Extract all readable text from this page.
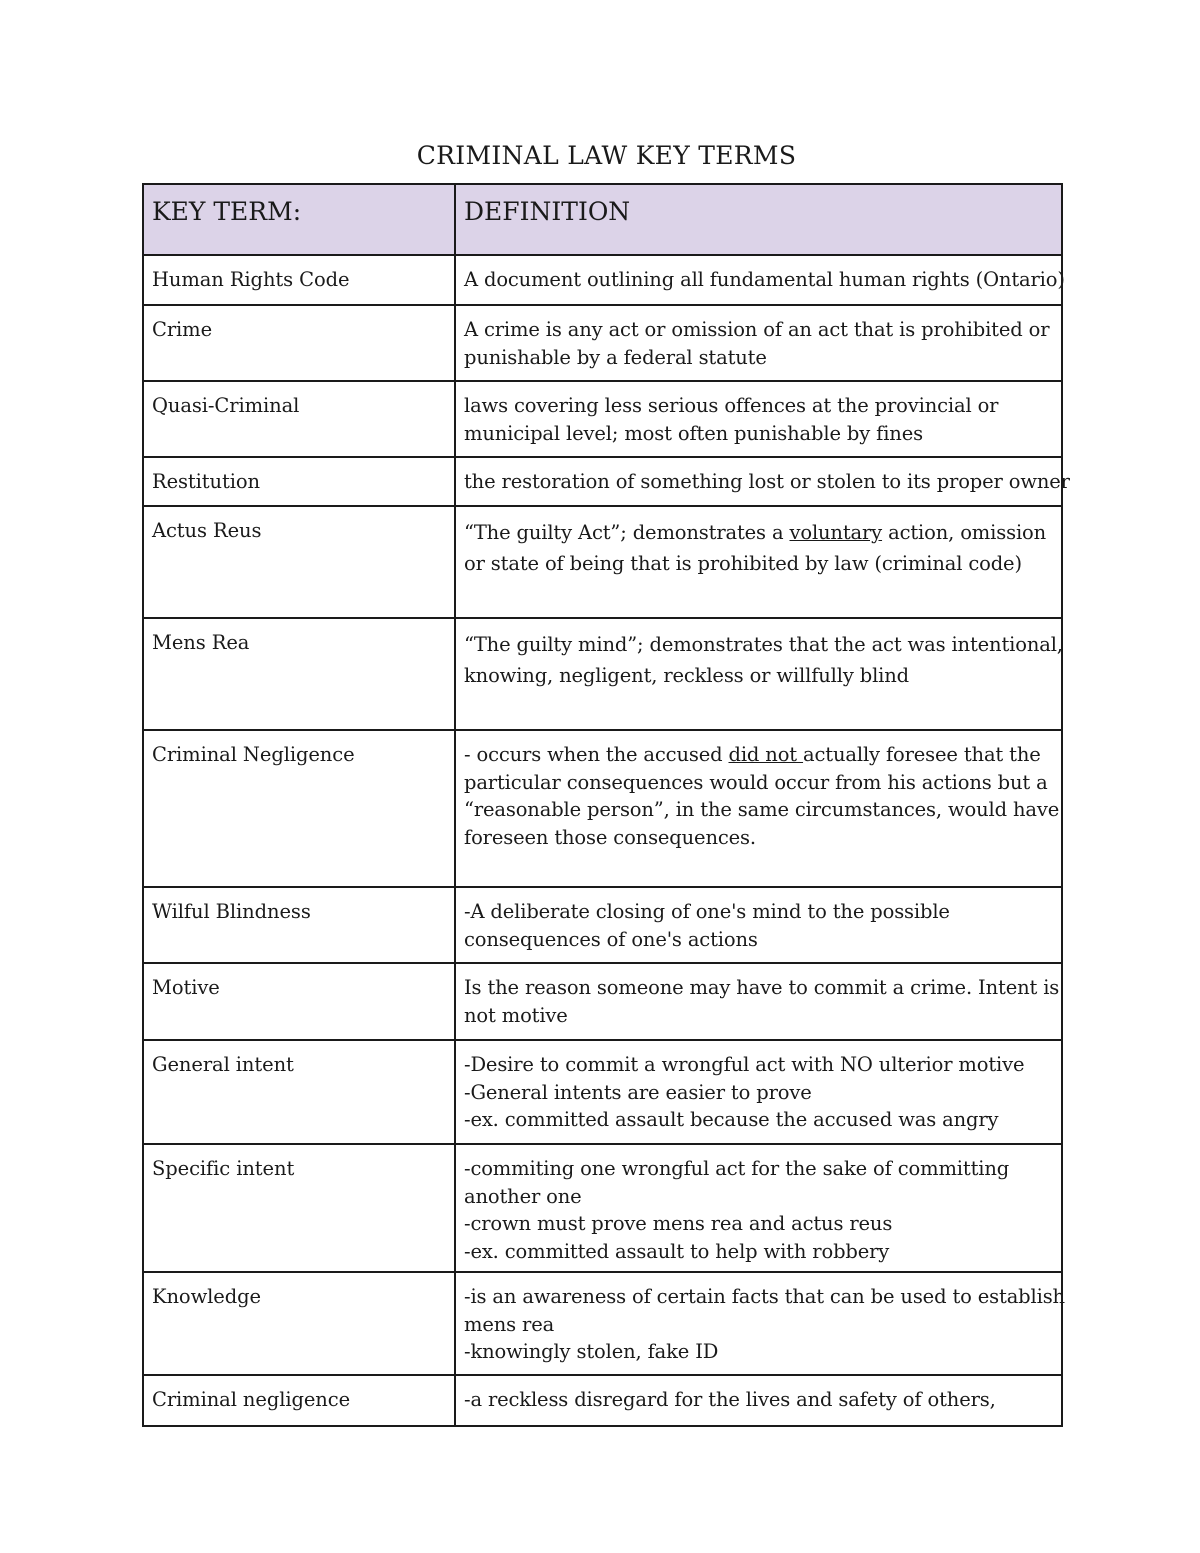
CRIMINAL LAW KEY TERMS
KEY TERM:	DEFINITION
Human Rights Code	A document outlining all fundamental human rights (Ontario)

Crime	A crime is any act or omission of an act that is prohibited or
punishable by a federal statute

Quasi-Criminal	laws covering less serious offences at the provincial or
municipal level; most often punishable by fines

Restitution	the restoration of something lost or stolen to its proper owner

Actus Reus	“The guilty Act”; demonstrates a voluntary action, omission
or state of being that is prohibited by law (criminal code)

Mens Rea	“The guilty mind”; demonstrates that the act was intentional,
knowing, negligent, reckless or willfully blind

Criminal Negligence	- occurs when the accused did not actually foresee that the
particular consequences would occur from his actions but a
“reasonable person”, in the same circumstances, would have
foreseen those consequences.

Wilful Blindness	-A deliberate closing of one's mind to the possible
consequences of one's actions

Motive	Is the reason someone may have to commit a crime. Intent is
not motive

General intent	-Desire to commit a wrongful act with NO ulterior motive
-General intents are easier to prove
-ex. committed assault because the accused was angry

Specific intent	-commiting one wrongful act for the sake of committing
another one
-crown must prove mens rea and actus reus
-ex. committed assault to help with robbery

Knowledge	-is an awareness of certain facts that can be used to establish
mens rea
-knowingly stolen, fake ID

Criminal negligence	-a reckless disregard for the lives and safety of others,
